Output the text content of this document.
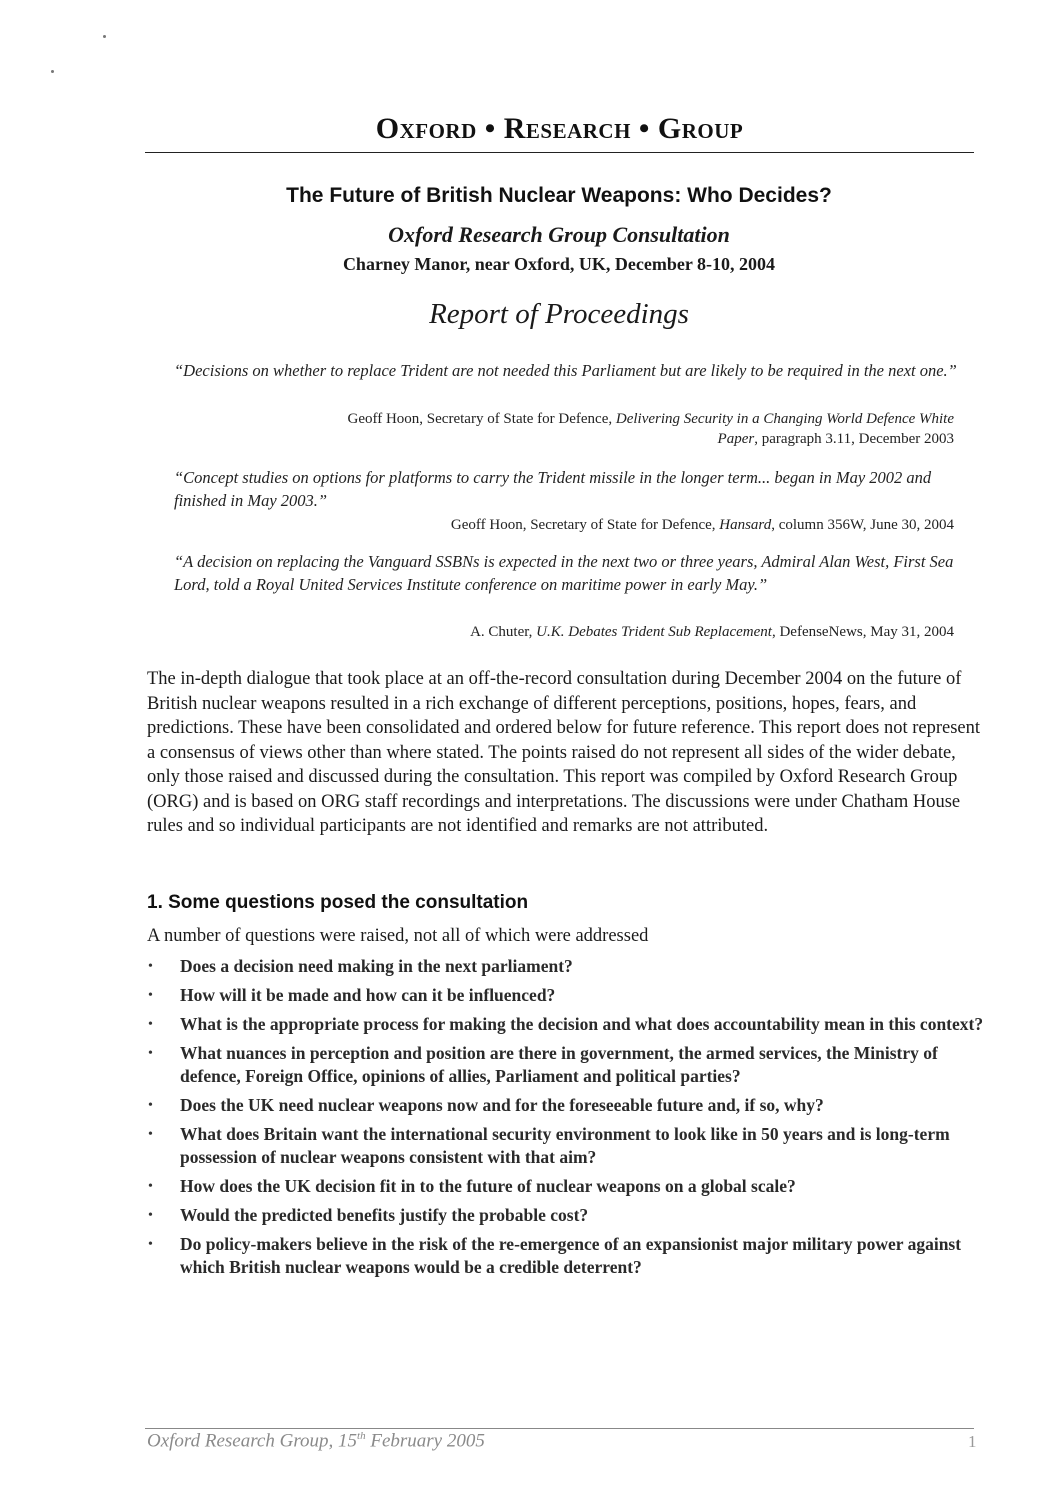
Oxford • Research • Group
The Future of British Nuclear Weapons: Who Decides?
Oxford Research Group Consultation
Charney Manor, near Oxford, UK, December 8-10, 2004
Report of Proceedings
“Decisions on whether to replace Trident are not needed this Parliament but are likely to be required in the next one.”
Geoff Hoon, Secretary of State for Defence, Delivering Security in a Changing World Defence White Paper, paragraph 3.11, December 2003
“Concept studies on options for platforms to carry the Trident missile in the longer term... began in May 2002 and finished in May 2003.”
Geoff Hoon, Secretary of State for Defence, Hansard, column 356W, June 30, 2004
“A decision on replacing the Vanguard SSBNs is expected in the next two or three years, Admiral Alan West, First Sea Lord, told a Royal United Services Institute conference on maritime power in early May.”
A. Chuter, U.K. Debates Trident Sub Replacement, DefenseNews, May 31, 2004
The in-depth dialogue that took place at an off-the-record consultation during December 2004 on the future of British nuclear weapons resulted in a rich exchange of different perceptions, positions, hopes, fears, and predictions. These have been consolidated and ordered below for future reference. This report does not represent a consensus of views other than where stated. The points raised do not represent all sides of the wider debate, only those raised and discussed during the consultation. This report was compiled by Oxford Research Group (ORG) and is based on ORG staff recordings and interpretations. The discussions were under Chatham House rules and so individual participants are not identified and remarks are not attributed.
1. Some questions posed the consultation
A number of questions were raised, not all of which were addressed
• Does a decision need making in the next parliament?
• How will it be made and how can it be influenced?
• What is the appropriate process for making the decision and what does accountability mean in this context?
• What nuances in perception and position are there in government, the armed services, the Ministry of defence, Foreign Office, opinions of allies, Parliament and political parties?
• Does the UK need nuclear weapons now and for the foreseeable future and, if so, why?
• What does Britain want the international security environment to look like in 50 years and is long-term possession of nuclear weapons consistent with that aim?
• How does the UK decision fit in to the future of nuclear weapons on a global scale?
• Would the predicted benefits justify the probable cost?
• Do policy-makers believe in the risk of the re-emergence of an expansionist major military power against which British nuclear weapons would be a credible deterrent?
Oxford Research Group, 15th February 2005	1
